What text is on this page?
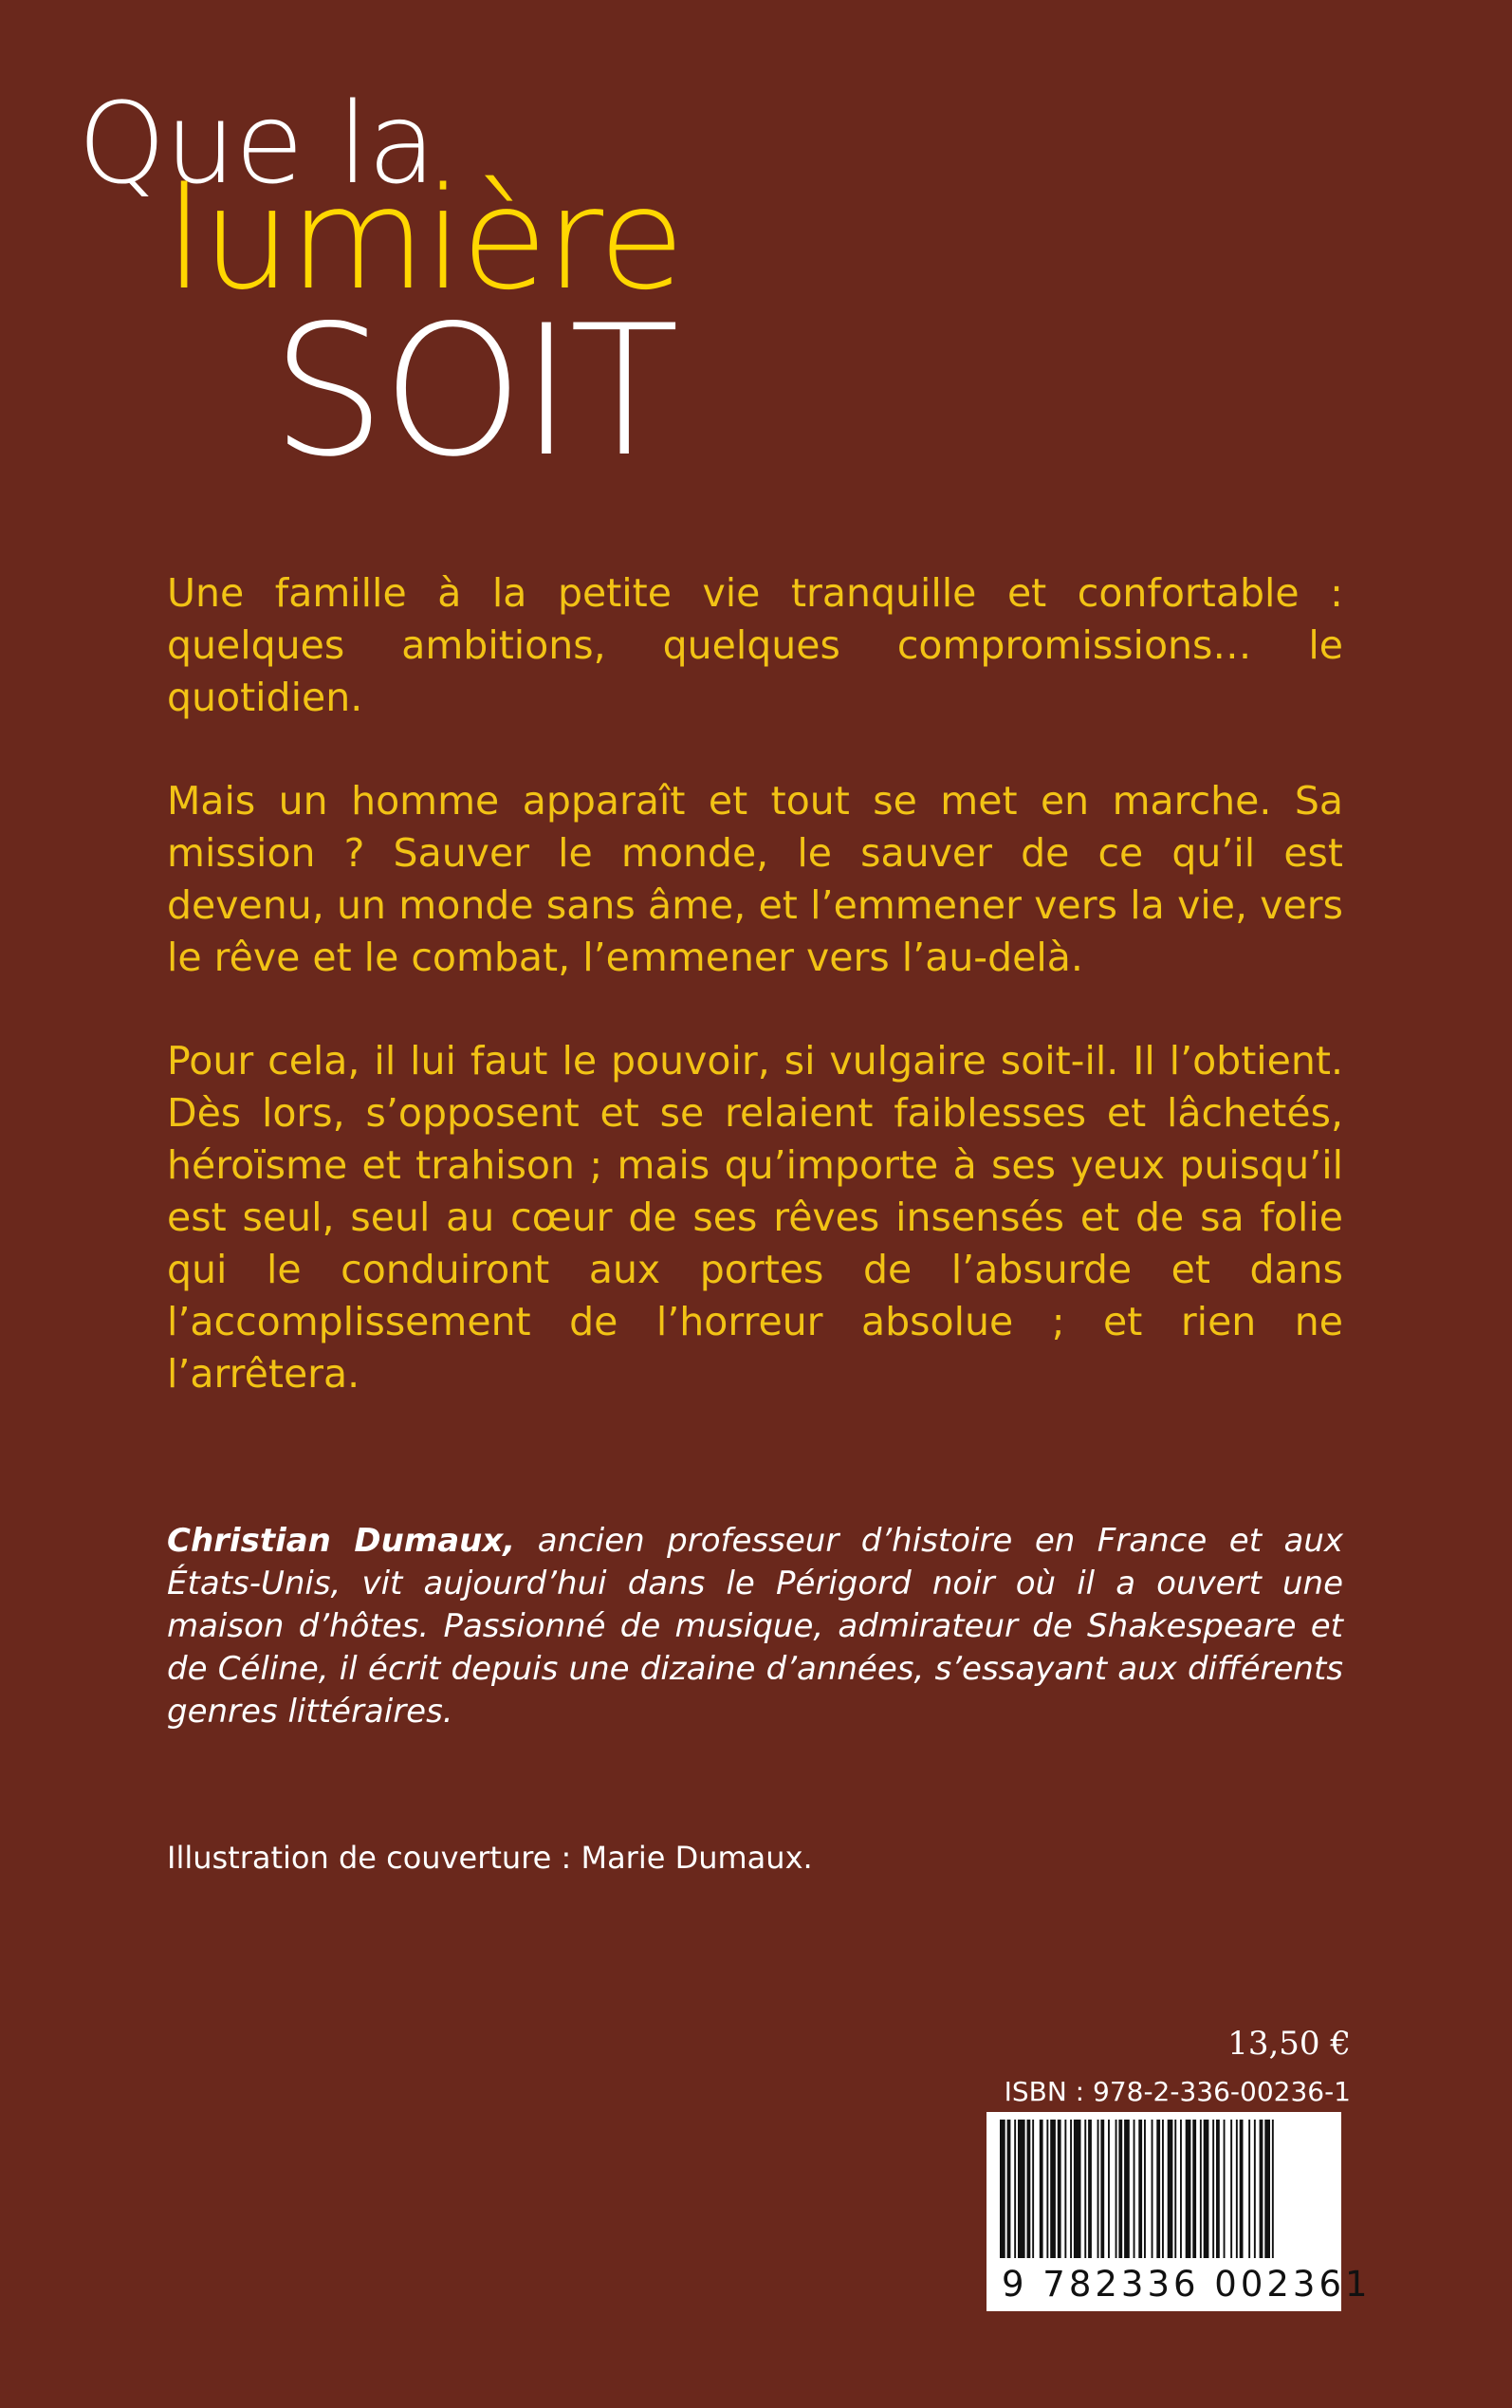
Que la
lumière
SOIT

Une famille à la petite vie tranquille et confortable : quelques ambitions, quelques compromissions… le quotidien.

Mais un homme apparaît et tout se met en marche. Sa mission ? Sauver le monde, le sauver de ce qu’il est devenu, un monde sans âme, et l’emmener vers la vie, vers le rêve et le combat, l’emmener vers l’au-delà.

Pour cela, il lui faut le pouvoir, si vulgaire soit-il. Il l’obtient. Dès lors, s’opposent et se relaient faiblesses et lâchetés, héroïsme et trahison ; mais qu’importe à ses yeux puisqu’il est seul, seul au cœur de ses rêves insensés et de sa folie qui le conduiront aux portes de l’absurde et dans l’accomplissement de l’horreur absolue ; et rien ne l’arrêtera.

Christian Dumaux, ancien professeur d’histoire en France et aux États-Unis, vit aujourd’hui dans le Périgord noir où il a ouvert une maison d’hôtes. Passionné de musique, admirateur de Shakespeare et de Céline, il écrit depuis une dizaine d’années, s’essayant aux différents genres littéraires.
Illustration de couverture : Marie Dumaux.
13,50 €
ISBN : 978-2-336-00236-1
9 782336 002361
